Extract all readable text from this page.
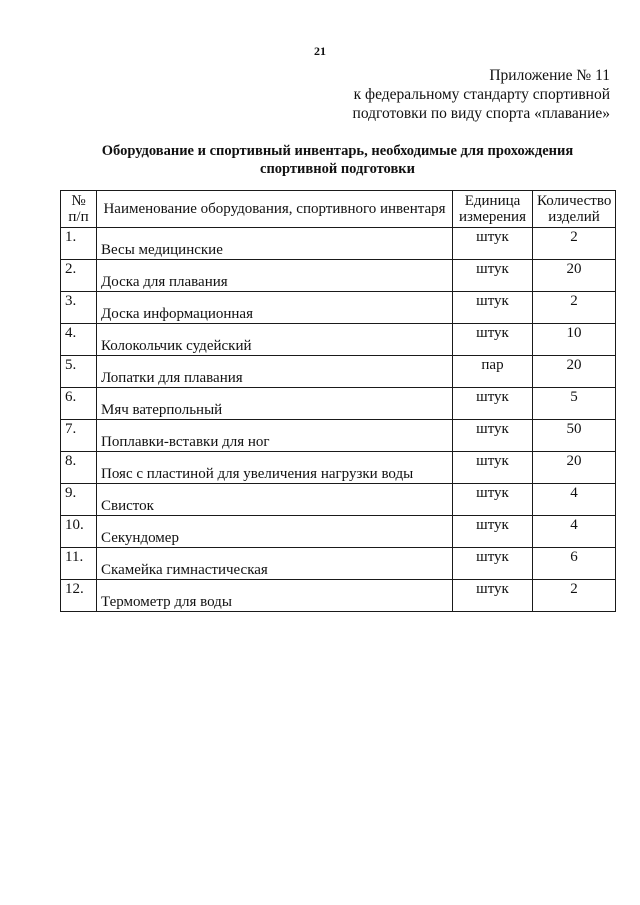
21
Приложение № 11
к федеральному стандарту спортивной
подготовки по виду спорта «плавание»
Оборудование и спортивный инвентарь, необходимые для прохождения
спортивной подготовки
№ п/п	Наименование оборудования, спортивного инвентаря	Единица измерения	Количество изделий
1.	Весы медицинские	штук	2
2.	Доска для плавания	штук	20
3.	Доска информационная	штук	2
4.	Колокольчик судейский	штук	10
5.	Лопатки для плавания	пар	20
6.	Мяч ватерпольный	штук	5
7.	Поплавки-вставки для ног	штук	50
8.	Пояс с пластиной для увеличения нагрузки воды	штук	20
9.	Свисток	штук	4
10.	Секундомер	штук	4
11.	Скамейка гимнастическая	штук	6
12.	Термометр для воды	штук	2
